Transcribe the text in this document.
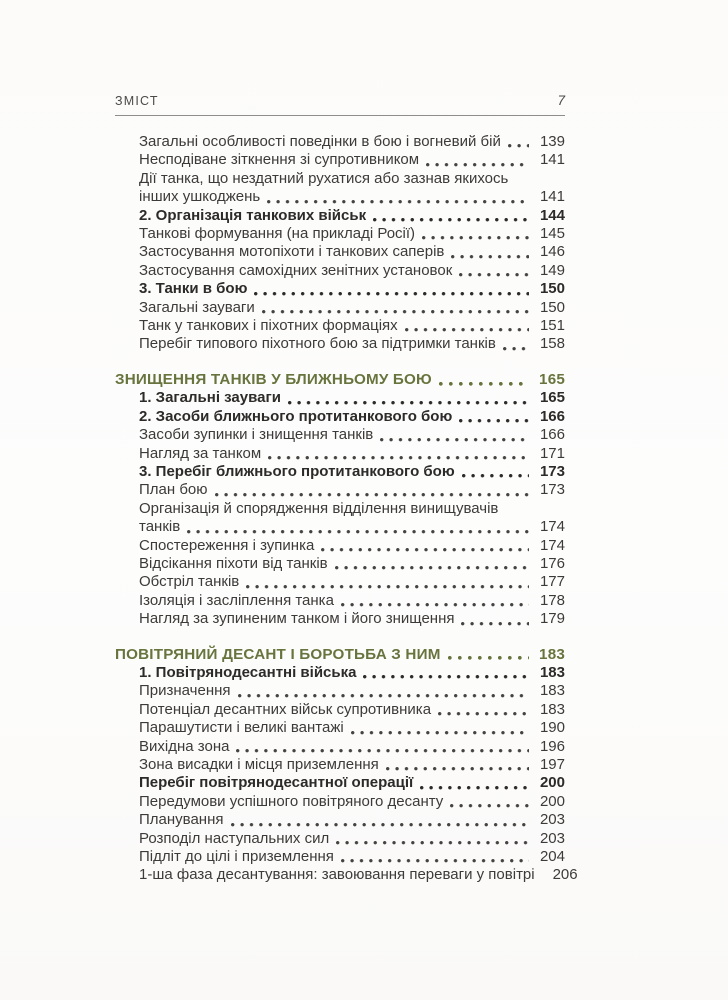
ЗМІСТ	7
Загальні особливості поведінки в бою і вогневий бій	139
Несподіване зіткнення зі супротивником	141
Дії танка, що нездатний рухатися або зазнав якихось
інших ушкоджень	141
2. Організація танкових військ	144
Танкові формування (на прикладі Росії)	145
Застосування мотопіхоти і танкових саперів	146
Застосування самохідних зенітних установок	149
3. Танки в бою	150
Загальні зауваги	150
Танк у танкових і піхотних формаціях	151
Перебіг типового піхотного бою за підтримки танків	158
ЗНИЩЕННЯ ТАНКІВ У БЛИЖНЬОМУ БОЮ	165
1. Загальні зауваги	165
2. Засоби ближнього протитанкового бою	166
Засоби зупинки і знищення танків	166
Нагляд за танком	171
3. Перебіг ближнього протитанкового бою	173
План бою	173
Організація й спорядження відділення винищувачів
танків	174
Спостереження і зупинка	174
Відсікання піхоти від танків	176
Обстріл танків	177
Ізоляція і засліплення танка	178
Нагляд за зупиненим танком і його знищення	179
ПОВІТРЯНИЙ ДЕСАНТ І БОРОТЬБА З НИМ	183
1. Повітрянодесантні війська	183
Призначення	183
Потенціал десантних військ супротивника	183
Парашутисти і великі вантажі	190
Вихідна зона	196
Зона висадки і місця приземлення	197
Перебіг повітрянодесантної операції	200
Передумови успішного повітряного десанту	200
Планування	203
Розподіл наступальних сил	203
Підліт до цілі і приземлення	204
1-ша фаза десантування: завоювання переваги у повітрі	206
